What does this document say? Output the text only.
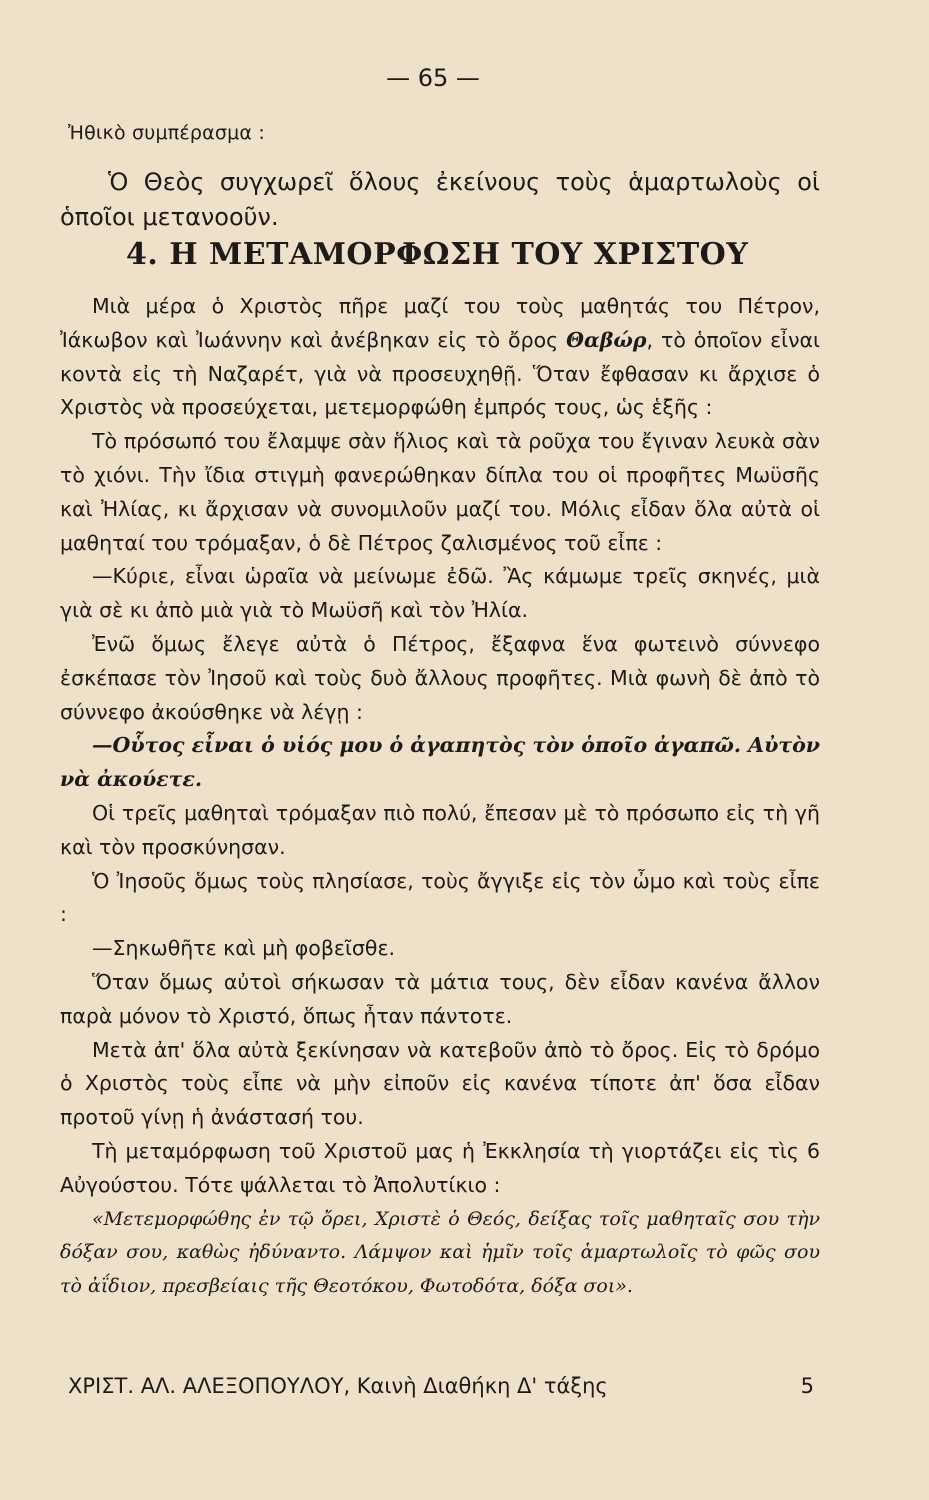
— 65 —
Ἠθικὸ συμπέρασμα :
Ὁ Θεὸς συγχωρεῖ ὅλους ἐκείνους τοὺς ἁμαρτωλοὺς οἱ ὁποῖοι μετανοοῦν.
4. Η ΜΕΤΑΜΟΡΦΩΣΗ ΤΟΥ ΧΡΙΣΤΟΥ

Μιὰ μέρα ὁ Χριστὸς πῆρε μαζί του τοὺς μαθητάς του Πέτρον, Ἰάκωβον καὶ Ἰωάννην καὶ ἀνέβηκαν εἰς τὸ ὄρος Θαβώρ, τὸ ὁποῖον εἶναι κοντὰ εἰς τὴ Ναζαρέτ, γιὰ νὰ προσευχηθῇ. Ὅταν ἔφθασαν κι ἄρχισε ὁ Χριστὸς νὰ προσεύχεται, μετεμορφώθη ἐμπρός τους, ὡς ἑξῆς :

Τὸ πρόσωπό του ἔλαμψε σὰν ἥλιος καὶ τὰ ροῦχα του ἔγιναν λευκὰ σὰν τὸ χιόνι. Τὴν ἴδια στιγμὴ φανερώθηκαν δίπλα του οἱ προφῆτες Μωϋσῆς καὶ Ἠλίας, κι ἄρχισαν νὰ συνομιλοῦν μαζί του. Μόλις εἶδαν ὅλα αὐτὰ οἱ μαθηταί του τρόμαξαν, ὁ δὲ Πέτρος ζαλισμένος τοῦ εἶπε :

—Κύριε, εἶναι ὡραῖα νὰ μείνωμε ἐδῶ. Ἂς κάμωμε τρεῖς σκηνές, μιὰ γιὰ σὲ κι ἀπὸ μιὰ γιὰ τὸ Μωϋσῆ καὶ τὸν Ἠλία.

Ἐνῶ ὅμως ἔλεγε αὐτὰ ὁ Πέτρος, ἔξαφνα ἕνα φωτεινὸ σύννεφο ἐσκέπασε τὸν Ἰησοῦ καὶ τοὺς δυὸ ἄλλους προφῆτες. Μιὰ φωνὴ δὲ ἀπὸ τὸ σύννεφο ἀκούσθηκε νὰ λέγῃ :

—Οὗτος εἶναι ὁ υἱός μου ὁ ἀγαπητὸς τὸν ὁποῖο ἀγαπῶ. Αὐτὸν νὰ ἀκούετε.

Οἱ τρεῖς μαθηταὶ τρόμαξαν πιὸ πολύ, ἔπεσαν μὲ τὸ πρόσωπο εἰς τὴ γῆ καὶ τὸν προσκύνησαν.

Ὁ Ἰησοῦς ὅμως τοὺς πλησίασε, τοὺς ἄγγιξε εἰς τὸν ὦμο καὶ τοὺς εἶπε :

—Σηκωθῆτε καὶ μὴ φοβεῖσθε.

Ὅταν ὅμως αὐτοὶ σήκωσαν τὰ μάτια τους, δὲν εἶδαν κανένα ἄλλον παρὰ μόνον τὸ Χριστό, ὅπως ἦταν πάντοτε.

Μετὰ ἀπ' ὅλα αὐτὰ ξεκίνησαν νὰ κατεβοῦν ἀπὸ τὸ ὄρος. Εἰς τὸ δρόμο ὁ Χριστὸς τοὺς εἶπε νὰ μὴν εἰποῦν εἰς κανένα τίποτε ἀπ' ὅσα εἶδαν προτοῦ γίνῃ ἡ ἀνάστασή του.

Τὴ μεταμόρφωση τοῦ Χριστοῦ μας ἡ Ἐκκλησία τὴ γιορτάζει εἰς τὶς 6 Αὐγούστου. Τότε ψάλλεται τὸ Ἀπολυτίκιο :

«Μετεμορφώθης ἐν τῷ ὄρει, Χριστὲ ὁ Θεός, δείξας τοῖς μαθηταῖς σου τὴν δόξαν σου, καθὼς ἠδύναντο. Λάμψον καὶ ἡμῖν τοῖς ἁμαρτωλοῖς τὸ φῶς σου τὸ ἀΐδιον, πρεσβείαις τῆς Θεοτόκου, Φωτοδότα, δόξα σοι».

ΧΡΙΣΤ. ΑΛ. ΑΛΕΞΟΠΟΥΛΟΥ, Καινὴ Διαθήκη Δ' τάξης	5
